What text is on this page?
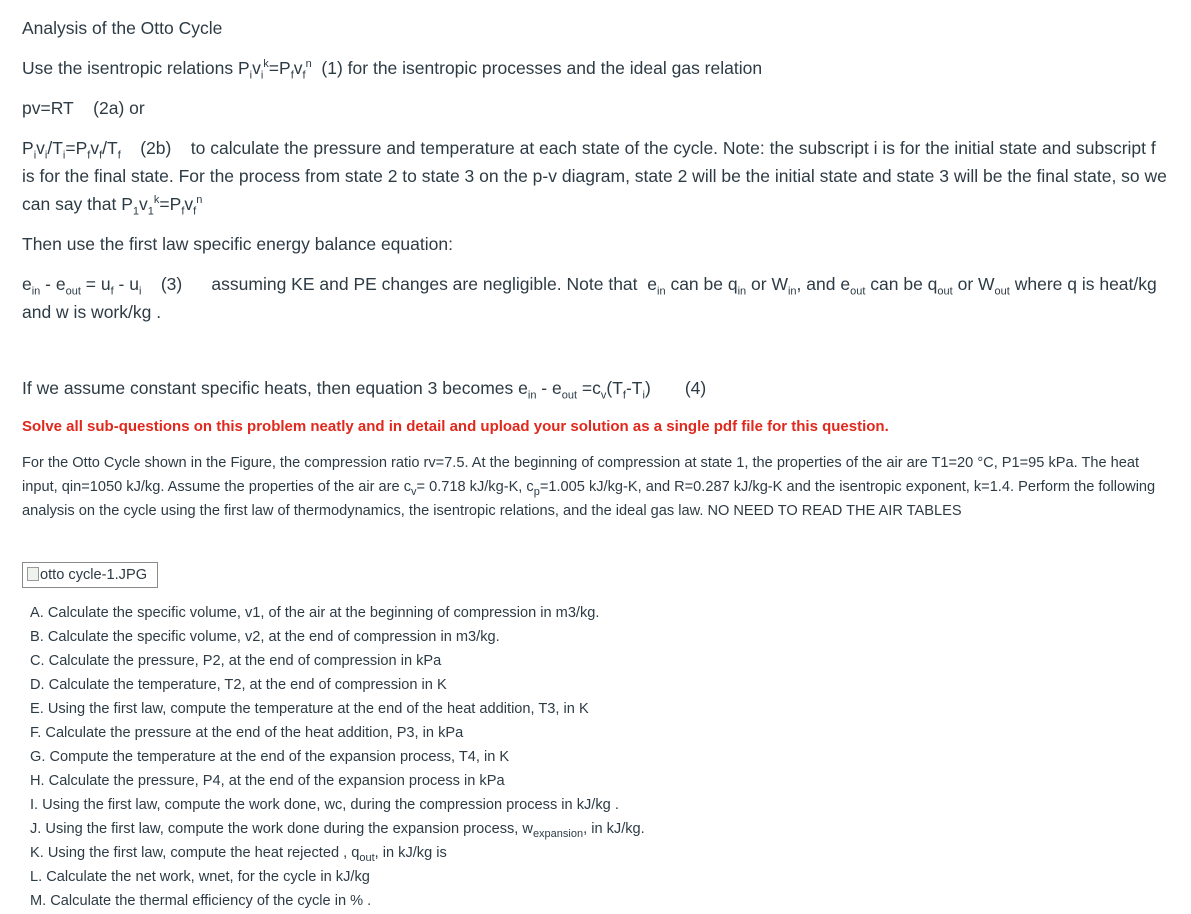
Analysis of the Otto Cycle

Use the isentropic relations $P_iv_i^k=P_fv_f^n$ (1) for the isentropic processes and the ideal gas relation

pv=RT (2a) or

$P_iv_i/T_i=P_fv_f/T_f$ (2b) to calculate the pressure and temperature at each state of the cycle. Note: the subscript i is for the initial state and subscript f is for the final state. For the process from state 2 to state 3 on the p-v diagram, state 2 will be the initial state and state 3 will be the final state, so we can say that $P_1v_1^k=P_fv_f^n$

Then use the first law specific energy balance equation:

$e_{in} - e_{out} = u_f - u_i$ (3) assuming KE and PE changes are negligible. Note that  $e_{in}$ can be $q_{in}$ or $W_{in}$, and $e_{out}$ can be $q_{out}$ or $W_{out}$ where q is heat/kg and w is work/kg .

If we assume constant specific heats, then equation 3 becomes $e_{in} - e_{out} =c_v(T_f-T_i)$       (4)

Solve all sub-questions on this problem neatly and in detail and upload your solution as a single pdf file for this question.

For the Otto Cycle shown in the Figure, the compression ratio rv=7.5. At the beginning of compression at state 1, the properties of the air are T1=20 °C, P1=95 kPa. The heat input, qin=1050 kJ/kg. Assume the properties of the air are $c_v= 0.718$ kJ/kg-K, $c_p=1.005$ kJ/kg-K, and R=0.287 kJ/kg-K and the isentropic exponent, k=1.4. Perform the following analysis on the cycle using the first law of thermodynamics, the isentropic relations, and the ideal gas law. NO NEED TO READ THE AIR TABLES

otto cycle-1.JPG
A. Calculate the specific volume, v1, of the air at the beginning of compression in m3/kg.
B. Calculate the specific volume, v2, at the end of compression in m3/kg.
C. Calculate the pressure, P2, at the end of compression in kPa
D. Calculate the temperature, T2, at the end of compression in K
E. Using the first law, compute the temperature at the end of the heat addition, T3, in K
F. Calculate the pressure at the end of the heat addition, P3, in kPa
G. Compute the temperature at the end of the expansion process, T4, in K
H. Calculate the pressure, P4, at the end of the expansion process in kPa
I. Using the first law, compute the work done, wc, during the compression process in kJ/kg .
J. Using the first law, compute the work done during the expansion process, $w_{expansion}$, in kJ/kg.
K. Using the first law, compute the heat rejected , $q_{out}$, in kJ/kg is
L. Calculate the net work, wnet, for the cycle in kJ/kg
M. Calculate the thermal efficiency of the cycle in % .
